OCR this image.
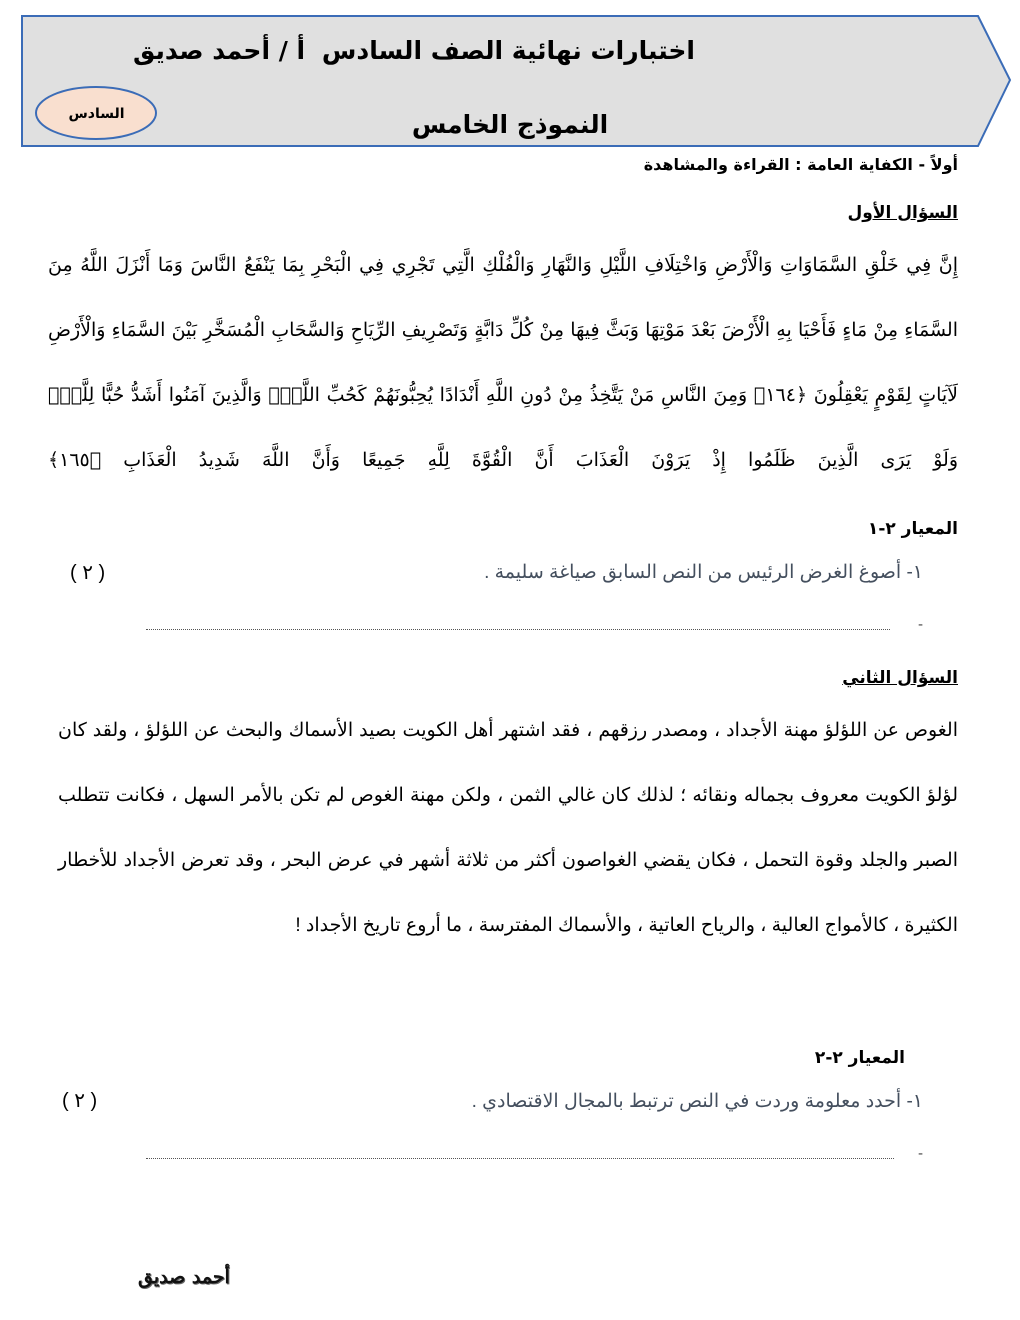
اختبارات نهائية الصف السادس
أ / أحمد صديق
النموذج الخامس
السادس
أولاً - الكفاية العامة : القراءة والمشاهدة
السؤال الأول
إِنَّ فِي خَلْقِ السَّمَاوَاتِ وَالْأَرْضِ وَاخْتِلَافِ اللَّيْلِ وَالنَّهَارِ وَالْفُلْكِ الَّتِي تَجْرِي فِي الْبَحْرِ بِمَا يَنْفَعُ النَّاسَ وَمَا أَنْزَلَ اللَّهُ مِنَ السَّمَاءِ مِنْ مَاءٍ فَأَحْيَا بِهِ الْأَرْضَ بَعْدَ مَوْتِهَا وَبَثَّ فِيهَا مِنْ كُلِّ دَابَّةٍ وَتَصْرِيفِ الرِّيَاحِ وَالسَّحَابِ الْمُسَخَّرِ بَيْنَ السَّمَاءِ وَالْأَرْضِ لَآيَاتٍ لِقَوْمٍ يَعْقِلُونَ ﴿١٦٤﴾ وَمِنَ النَّاسِ مَنْ يَتَّخِذُ مِنْ دُونِ اللَّهِ أَنْدَادًا يُحِبُّونَهُمْ كَحُبِّ اللَّهِۖ وَالَّذِينَ آمَنُوا أَشَدُّ حُبًّا لِلَّهِۗ وَلَوْ يَرَى الَّذِينَ ظَلَمُوا إِذْ يَرَوْنَ الْعَذَابَ أَنَّ الْقُوَّةَ لِلَّهِ جَمِيعًا وَأَنَّ اللَّهَ شَدِيدُ الْعَذَابِ ﴿١٦٥﴾
المعيار ٢-١
١- أصوغ الغرض الرئيس من النص السابق صياغة سليمة .
( ٢ )
-
السؤال الثاني
الغوص عن اللؤلؤ مهنة الأجداد ، ومصدر رزقهم ، فقد اشتهر أهل الكويت بصيد الأسماك والبحث عن اللؤلؤ ، ولقد كان لؤلؤ الكويت معروف بجماله ونقائه ؛ لذلك كان غالي الثمن ، ولكن مهنة الغوص لم تكن بالأمر السهل ، فكانت تتطلب الصبر والجلد وقوة التحمل ، فكان يقضي الغواصون أكثر من ثلاثة أشهر في عرض البحر ، وقد تعرض الأجداد للأخطار الكثيرة ، كالأمواج العالية ، والرياح العاتية ، والأسماك المفترسة ، ما أروع تاريخ الأجداد !
المعيار ٢-٢
١- أحدد معلومة وردت في النص ترتبط بالمجال الاقتصادي .
( ٢ )
-
أحمد صديق
